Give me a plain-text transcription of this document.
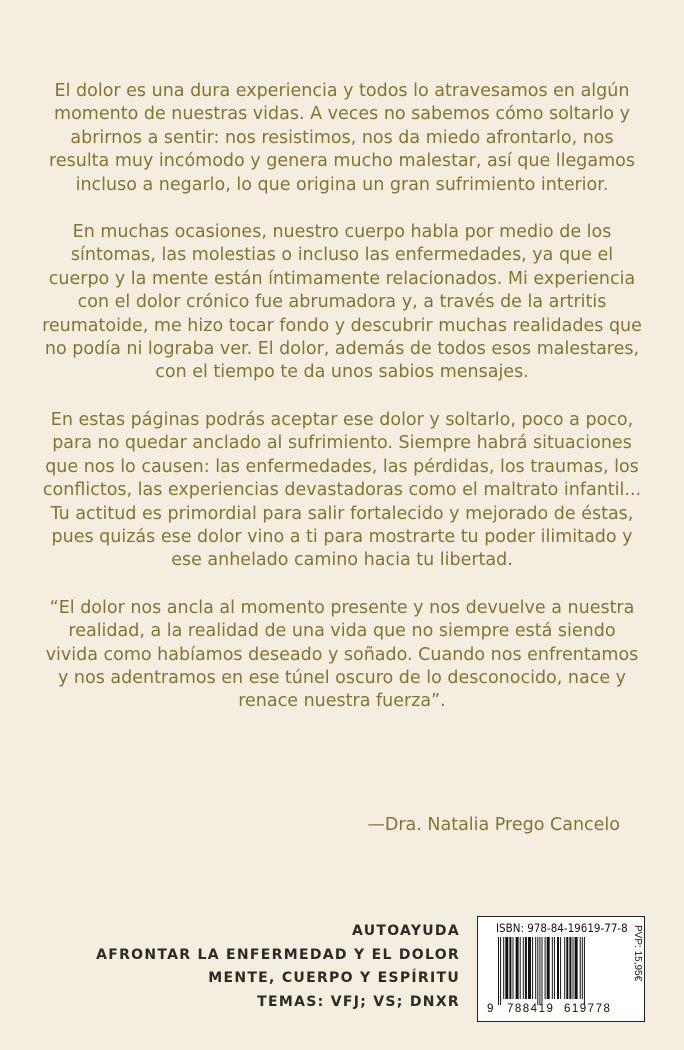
El dolor es una dura experiencia y todos lo atravesamos en algún momento de nuestras vidas. A veces no sabemos cómo soltarlo y abrirnos a sentir: nos resistimos, nos da miedo afrontarlo, nos resulta muy incómodo y genera mucho malestar, así que llegamos incluso a negarlo, lo que origina un gran sufrimiento interior.

En muchas ocasiones, nuestro cuerpo habla por medio de los síntomas, las molestias o incluso las enfermedades, ya que el cuerpo y la mente están íntimamente relacionados. Mi experiencia con el dolor crónico fue abrumadora y, a través de la artritis reumatoide, me hizo tocar fondo y descubrir muchas realidades que no podía ni lograba ver. El dolor, además de todos esos malestares, con el tiempo te da unos sabios mensajes.

En estas páginas podrás aceptar ese dolor y soltarlo, poco a poco, para no quedar anclado al sufrimiento. Siempre habrá situaciones que nos lo causen: las enfermedades, las pérdidas, los traumas, los conflictos, las experiencias devastadoras como el maltrato infantil... Tu actitud es primordial para salir fortalecido y mejorado de éstas, pues quizás ese dolor vino a ti para mostrarte tu poder ilimitado y ese anhelado camino hacia tu libertad.

“El dolor nos ancla al momento presente y nos devuelve a nuestra realidad, a la realidad de una vida que no siempre está siendo vivida como habíamos deseado y soñado. Cuando nos enfrentamos y nos adentramos en ese túnel oscuro de lo desconocido, nace y renace nuestra fuerza”.

—Dra. Natalia Prego Cancelo
AUTOAYUDA
AFRONTAR LA ENFERMEDAD Y EL DOLOR
MENTE, CUERPO Y ESPÍRITU
TEMAS: VFJ; VS; DNXR
ISBN: 978-84-19619-77-8
9 788419 619778
PVP: 15,95€
